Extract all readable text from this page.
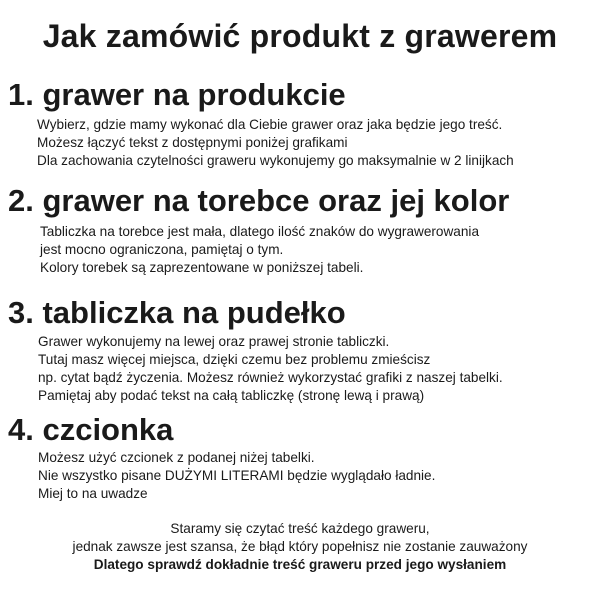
Jak zamówić produkt z grawerem
1. grawer na produkcie
Wybierz, gdzie mamy wykonać dla Ciebie grawer oraz jaka będzie jego treść.
Możesz łączyć tekst z dostępnymi poniżej grafikami
Dla zachowania czytelności graweru wykonujemy go maksymalnie w 2 linijkach
2. grawer na torebce oraz jej kolor
Tabliczka na torebce jest mała, dlatego ilość znaków do wygrawerowania
jest mocno ograniczona, pamiętaj o tym.
Kolory torebek są zaprezentowane w poniższej tabeli.
3. tabliczka na pudełko
Grawer wykonujemy na lewej oraz prawej stronie tabliczki.
Tutaj masz więcej miejsca, dzięki czemu bez problemu zmieścisz
np. cytat bądź życzenia. Możesz również wykorzystać grafiki z naszej tabelki.
Pamiętaj aby podać tekst na całą tabliczkę (stronę lewą i prawą)
4. czcionka
Możesz użyć czcionek z podanej niżej tabelki.
Nie wszystko pisane DUŻYMI LITERAMI będzie wyglądało ładnie.
Miej to na uwadze
Staramy się czytać treść każdego graweru,
jednak zawsze jest szansa, że błąd który popełnisz nie zostanie zauważony
Dlatego sprawdź dokładnie treść graweru przed jego wysłaniem
